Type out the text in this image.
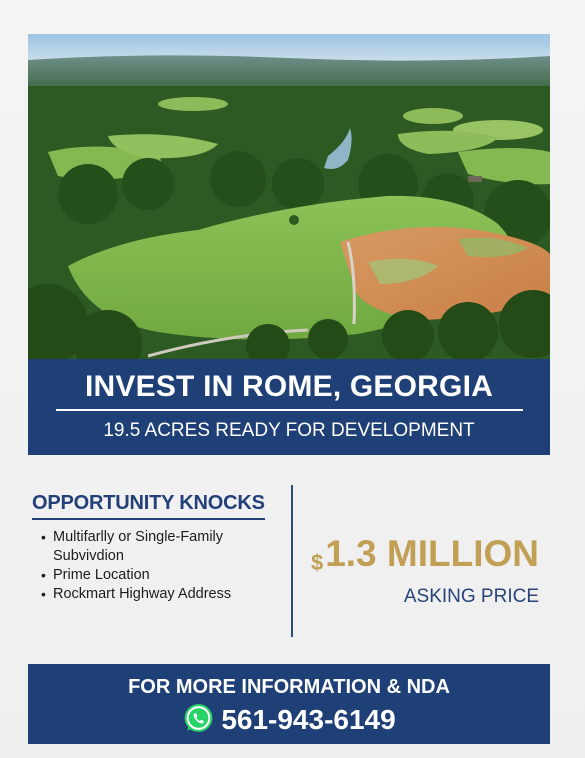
INVEST IN ROME, GEORGIA
19.5 ACRES READY FOR DEVELOPMENT
OPPORTUNITY KNOCKS
• Multifarlly or Single-Family
Subvivdion
• Prime Location
• Rockmart Highway Address
$1.3 MILLION
ASKING PRICE
FOR MORE INFORMATION & NDA
561-943-6149
